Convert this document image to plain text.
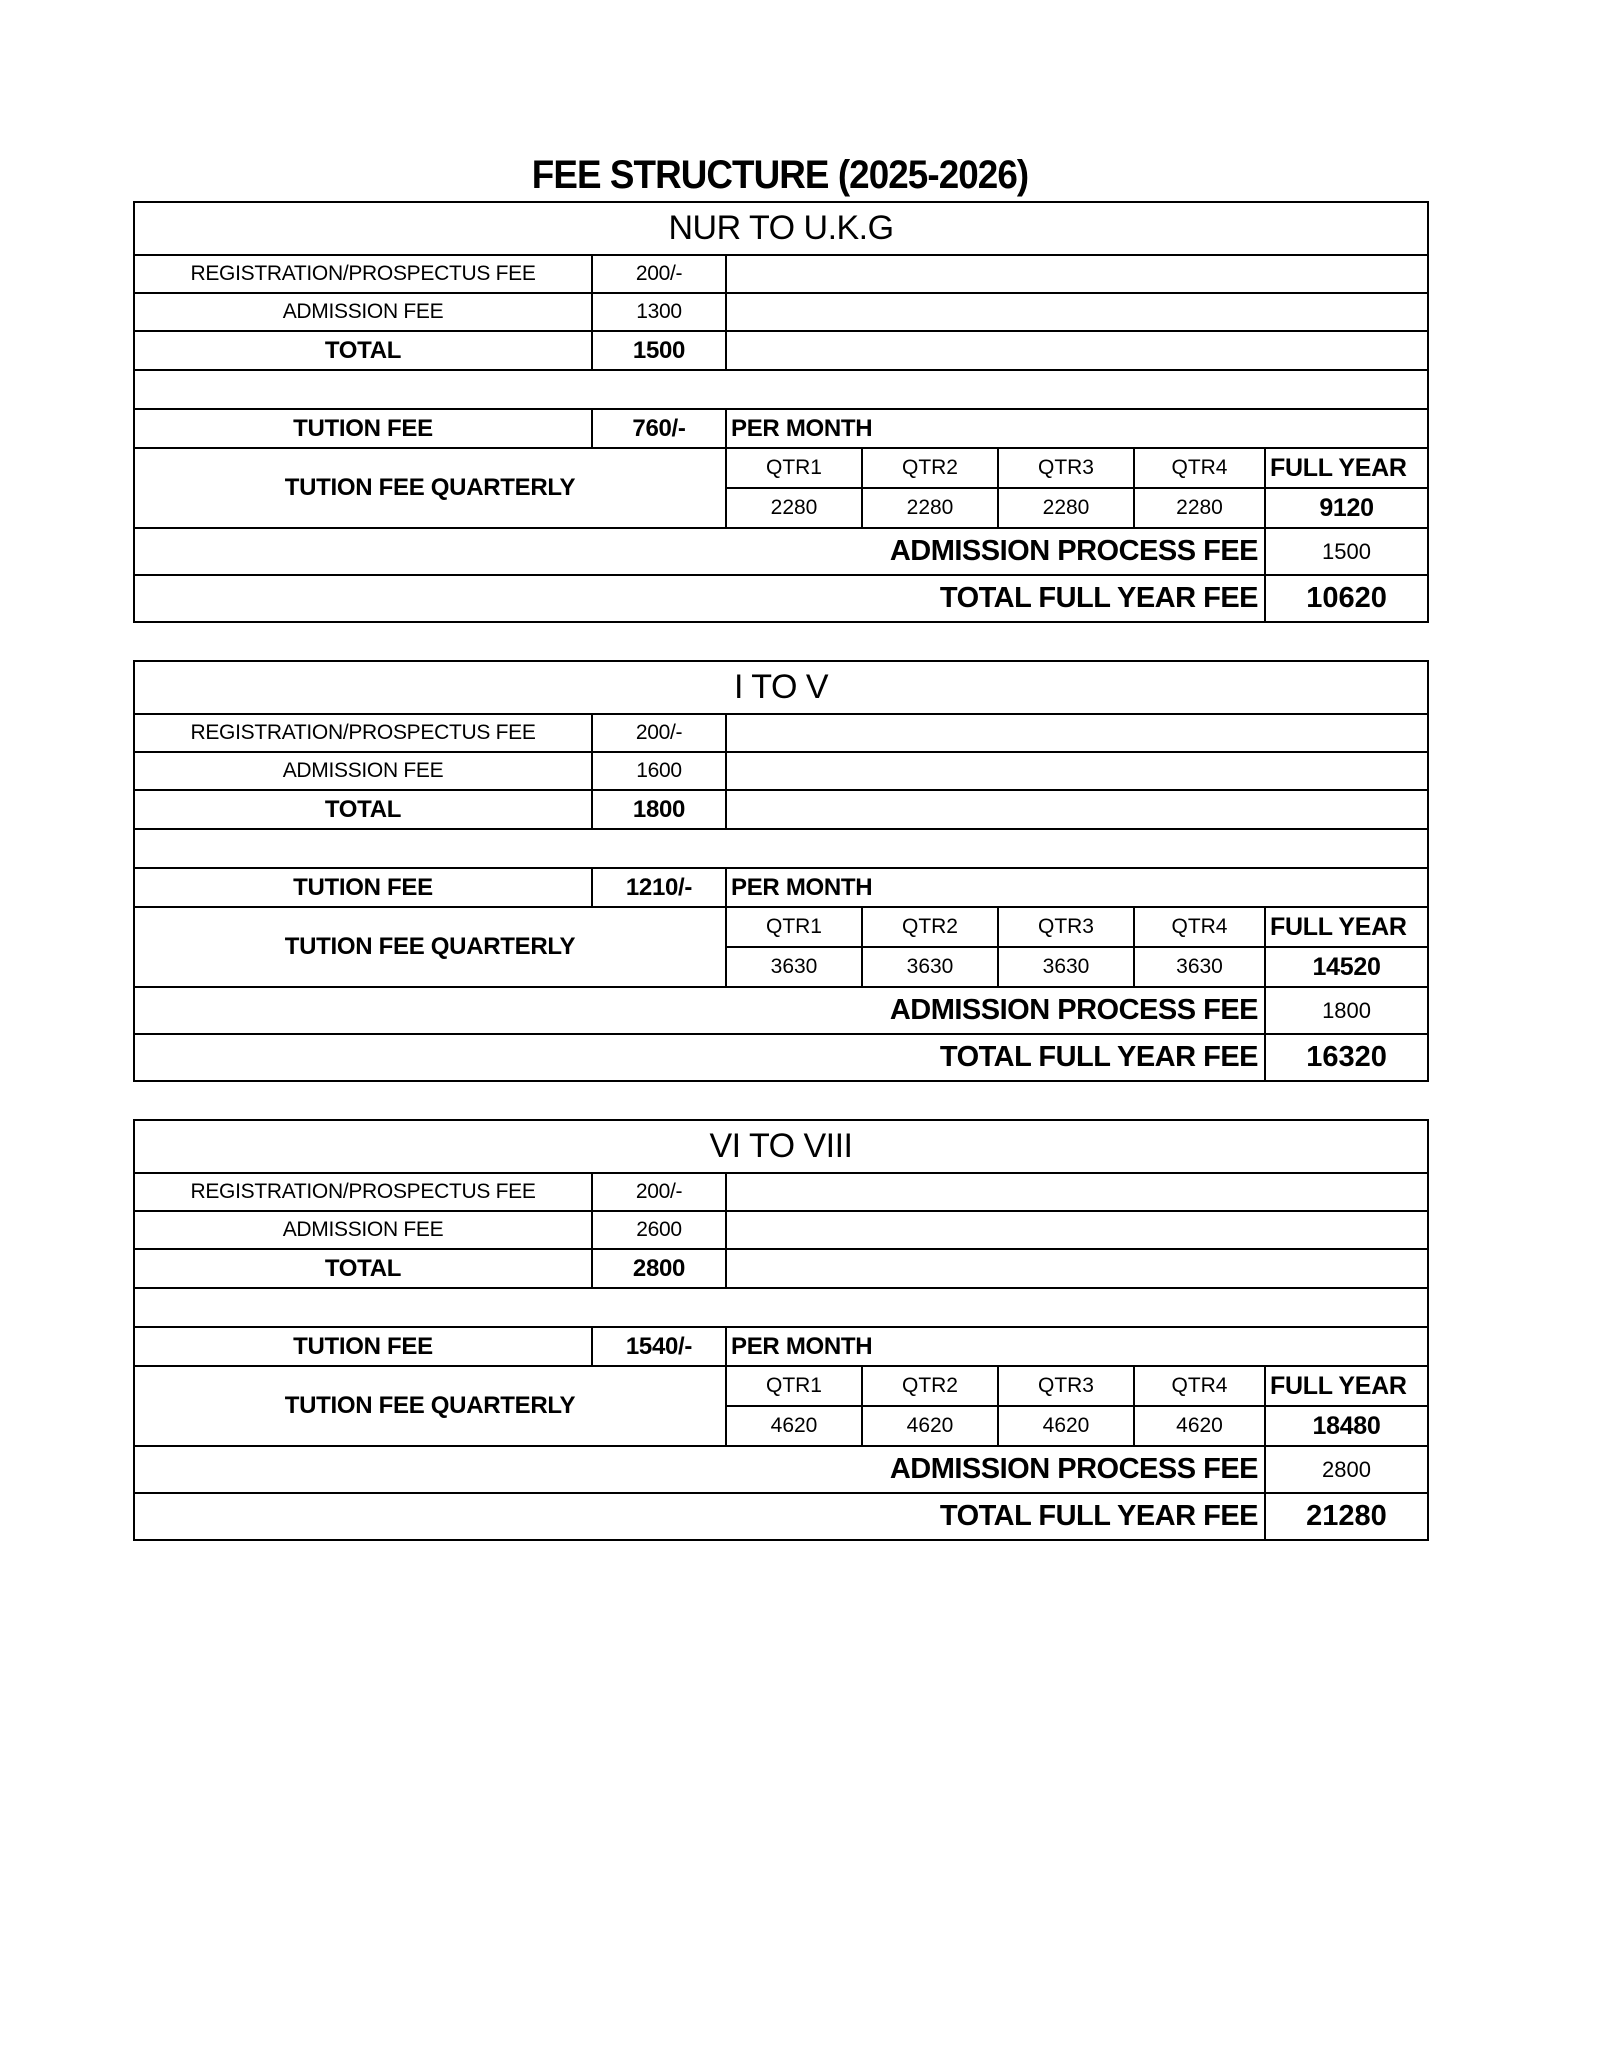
FEE STRUCTURE (2025-2026)
NUR TO U.K.G						
REGISTRATION/PROSPECTUS FEE	200/-					
ADMISSION FEE	1300					
TOTAL	1500					

TUTION FEE	760/-	PER MONTH				
TUTION FEE QUARTERLY		QTR1	QTR2	QTR3	QTR4	FULL YEAR
		2280	2280	2280	2280	9120
ADMISSION PROCESS FEE						1500
TOTAL FULL YEAR FEE						10620
I TO V						
REGISTRATION/PROSPECTUS FEE	200/-					
ADMISSION FEE	1600					
TOTAL	1800					

TUTION FEE	1210/-	PER MONTH				
TUTION FEE QUARTERLY		QTR1	QTR2	QTR3	QTR4	FULL YEAR
		3630	3630	3630	3630	14520
ADMISSION PROCESS FEE						1800
TOTAL FULL YEAR FEE						16320
VI TO VIII						
REGISTRATION/PROSPECTUS FEE	200/-					
ADMISSION FEE	2600					
TOTAL	2800					

TUTION FEE	1540/-	PER MONTH				
TUTION FEE QUARTERLY		QTR1	QTR2	QTR3	QTR4	FULL YEAR
		4620	4620	4620	4620	18480
ADMISSION PROCESS FEE						2800
TOTAL FULL YEAR FEE						21280
